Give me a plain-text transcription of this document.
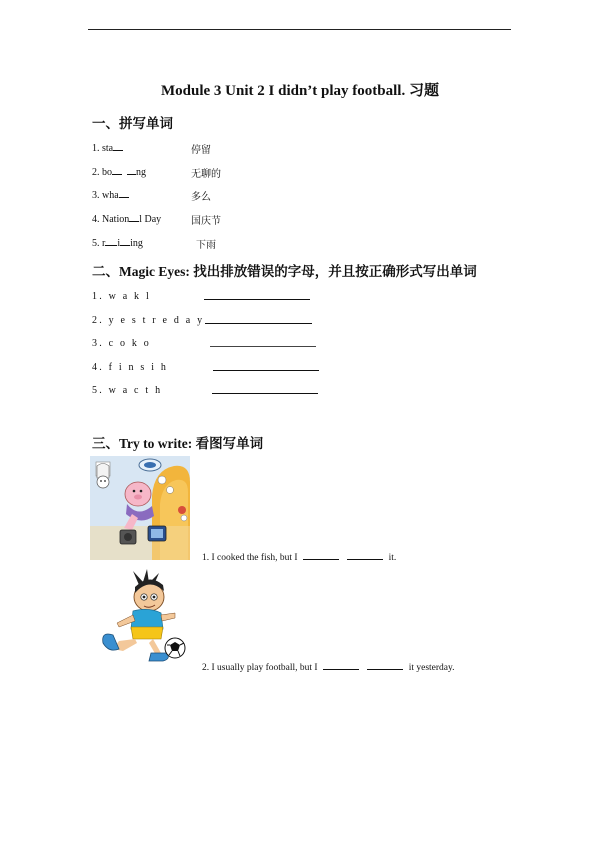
Module 3 Unit 2 I didn’t play football. 习题
一、拼写单词
1. sta	停留
2. bo ng	无聊的
3. wha	多么
4. Nation l Day	国庆节
5. r i ing	下雨
二、Magic Eyes: 找出排放错误的字母，并且按正确形式写出单词
1. w a k l
2. y e s t r e d a y
3. c o k o
4. f i n s i h
5. w a c t h
三、Try to write: 看图写单词
1. I cooked the fish, but I	it.
2. I usually play football, but I	it yesterday.
